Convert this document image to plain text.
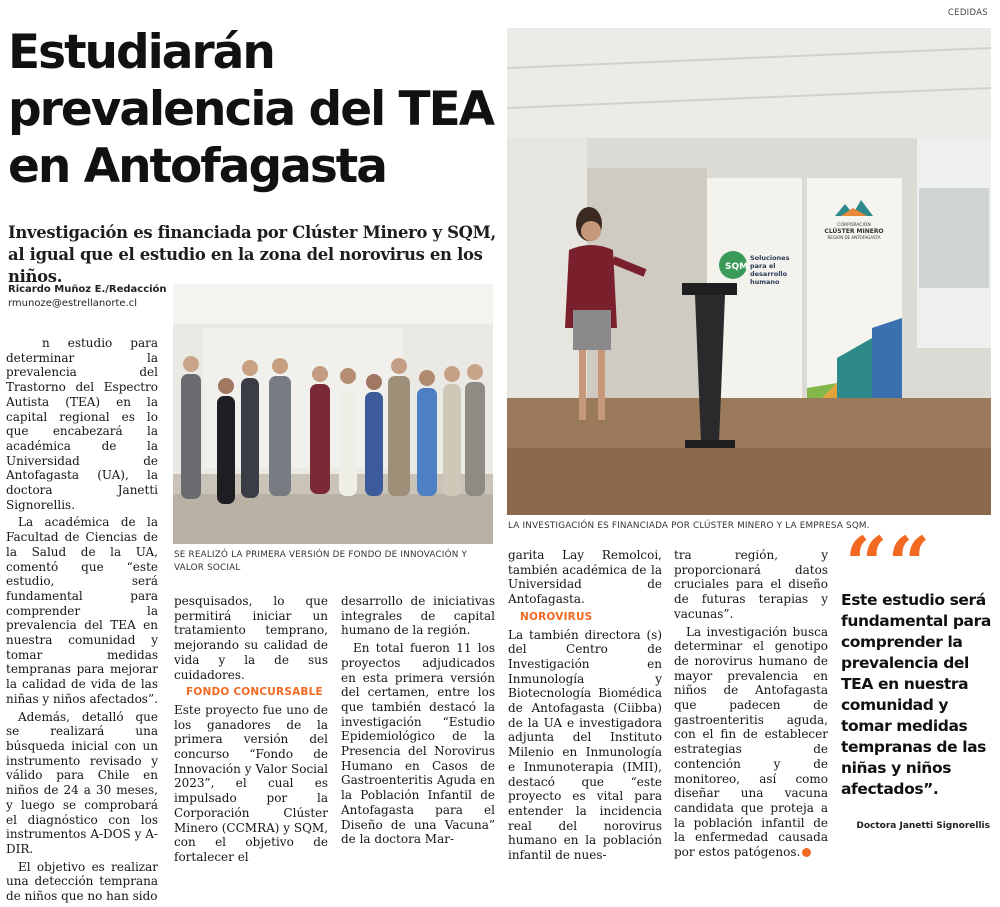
CEDIDAS
Estudiarán prevalencia del TEA en Antofagasta

Investigación es financiada por Clúster Minero y SQM, al igual que el estudio en la zona del norovirus en los niños.

Ricardo Muñoz E./Redacción
rmunoze@estrellanorte.cl
SE REALIZÓ LA PRIMERA VERSIÓN DE FONDO DE INNOVACIÓN Y VALOR SOCIAL
SQM
Soluciones
para el
desarrollo
humano
CORPORACIÓN
CLÚSTER MINERO
REGIÓN DE ANTOFAGASTA
LA INVESTIGACIÓN ES FINANCIADA POR CLÚSTER MINERO Y LA EMPRESA SQM.

n estudio para determinar la prevalencia del Trastorno del Espectro Autista (TEA) en la capital regional es lo que encabezará la académica de la Universidad de Antofagasta (UA), la doctora Janetti Signorellis.

La académica de la Facultad de Ciencias de la Salud de la UA, comentó que “este estudio, será fundamental para comprender la prevalencia del TEA en nuestra comunidad y tomar medidas tempranas para mejorar la calidad de vida de las niñas y niños afectados”.

Además, detalló que se realizará una búsqueda inicial con un instrumento revisado y válido para Chile en niños de 24 a 30 meses, y luego se comprobará el diagnóstico con los instrumentos A-DOS y A-DIR.

El objetivo es realizar una detección temprana de niños que no han sido

pesquisados, lo que permitirá iniciar un tratamiento temprano, mejorando su calidad de vida y la de sus cuidadores.

FONDO CONCURSABLE

Este proyecto fue uno de los ganadores de la primera versión del concurso “Fondo de Innovación y Valor Social 2023”, el cual es impulsado por la Corporación Clúster Minero (CCMRA) y SQM, con el objetivo de fortalecer el

desarrollo de iniciativas integrales de capital humano de la región.

En total fueron 11 los proyectos adjudicados en esta primera versión del certamen, entre los que también destacó la investigación “Estudio Epidemiológico de la Presencia del Norovirus Humano en Casos de Gastroenteritis Aguda en la Población Infantil de Antofagasta para el Diseño de una Vacuna” de la doctora Mar-

garita Lay Remolcoi, también académica de la Universidad de Antofagasta.

NOROVIRUS

La también directora (s) del Centro de Investigación en Inmunología y Biotecnología Biomédica de Antofagasta (Ciibba) de la UA e investigadora adjunta del Instituto Milenio en Inmunología e Inmunoterapia (IMII), destacó que “este proyecto es vital para entender la incidencia real del norovirus humano en la población infantil de nues-

tra región, y proporcionará datos cruciales para el diseño de futuras terapias y vacunas”.

La investigación busca determinar el genotipo de norovirus humano de mayor prevalencia en niños de Antofagasta que padecen de gastroenteritis aguda, con el fin de establecer estrategias de contención y de monitoreo, así como diseñar una vacuna candidata que proteja a la población infantil de la enfermedad causada por estos patógenos.

““
Este estudio será fundamental para comprender la prevalencia del TEA en nuestra comunidad y tomar medidas tempranas de las niñas y niños afectados”.
Doctora Janetti Signorellis
